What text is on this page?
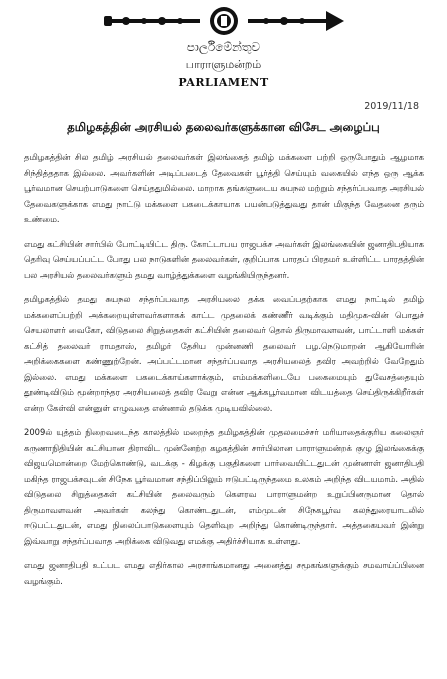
පාර්ලිමේන්තුව
பாராளுமன்றம்
PARLIAMENT
2019/11/18
தமிழகத்தின் அரசியல் தலைவர்களுக்கான விசேட அழைப்பு

தமிழகத்தின் சில தமிழ் அரசியல் தலைவர்கள் இலங்கைத் தமிழ் மக்களை பற்றி ஒருபோதும் ஆழமாக சிந்தித்ததாக இல்லை. அவர்களின் அடிப்படைத் தேவைகள் பூர்த்தி செய்யும் வகையில் எந்த ஒரு ஆக்க பூர்வமான செயற்பாடுகளை செய்ததுமில்லை. மாறாக தங்களுடைய சுயநல மற்றும் சந்தர்ப்பவாத அரசியல் தேவைகளுக்காக எமது நாட்டு மக்களை பகடைக்காயாக பயன்படுத்துவது தான் மிகுந்த வேதனை தரும் உண்மை.

எமது கட்சியின் சார்பில் போட்டியிட்ட திரு. கோட்டாபய ராஜபக்ச அவர்கள் இலங்கையின் ஜனாதிபதியாக தெரிவு செய்யப்பட்ட போது பல நாடுகளின் தலைவர்கள், குறிப்பாக பாரதப் பிரதமர் உள்ளிட்ட பாரதத்தின் பல அரசியல் தலைவர்களும் தமது வாழ்த்துக்களை வழங்கியிருந்தனர்.

தமிழகத்தில் தமது சுயநல சந்தர்ப்பவாத அரசியலை தக்க வைப்பதற்காக எமது நாட்டில் தமிழ் மக்களைப்பற்றி அக்கறையுள்ளவர்களாகக் காட்ட முதலைக் கண்ணீர் வடிக்கும் மதிமுக-வின் பொதுச் செயலாளர் வைகோ, விடுதலை சிறுத்தைகள் கட்சியின் தலைவர் தொல் திருமாவளவன், பாட்டாளி மக்கள் கட்சித் தலைவர் ராமதாஸ், தமிழர் தேசிய முன்னணி தலைவர் பழ.நெடுமாறன் ஆகியோரின் அறிக்கைகளை கண்ணுற்றேன். அப்பட்டமான சந்தர்ப்பவாத அரசியலைத் தவிர அவற்றில் வேறேதும் இல்லை. எமது மக்களை பகடைக்காய்களாக்கும், எம்மக்களிடையே பகைமையும் துவேசத்தையும் தூண்டிவிடும் மூன்றாந்தர அரசியலைத் தவிர வேறு என்ன ஆக்கபூர்வமான விடயத்தை செய்திருக்கிறீர்கள் என்ற கேள்வி என்னுள் எழுவதை என்னால் தடுக்க முடியவில்லை.

2009ல் யுத்தம் நிறைவடைந்த காலத்தில் மறைந்த தமிழகத்தின் முதலமைச்சர் மரியாதைக்குரிய கலைஞர் கருணாநிதியின் கட்சியான திராவிட முன்னேற்ற கழகத்தின் சார்பிலான பாராளுமன்றக் குழு இலங்கைக்கு விஜயமொன்றை மேற்கொண்டு, வடக்கு - கிழக்கு பகுதிகளை பார்வையிட்டதுடன் முன்னாள் ஜனாதிபதி மகிந்த ராஜபக்சவுடன் சிநேக பூர்வமான சந்திப்பிலும் ஈடுபட்டிருந்தமை உலகம் அறிந்த விடயமாம். அதில் விடுதலை சிறுத்தைகள் கட்சியின் தலைவரும் கௌரவ பாராளுமன்ற உறுப்பினருமான தொல் திருமாவளவன் அவர்கள் கலந்து கொண்டதுடன், எம்முடன் சிநேகபூர்வ கலந்துரையாடலில் ஈடுபட்டதுடன், எமது நிலைப்பாடுகளையும் தெளிவுற அறிந்து கொண்டிருந்தார். அத்தகையவர் இன்று இவ்வாறு சந்தர்ப்பவாத அறிக்கை விடுவது எமக்கு அதிர்ச்சியாக உள்ளது.

எமது ஜனாதிபதி உட்பட எமது எதிர்கால அரசாங்கமானது அனைத்து சமூகங்களுக்கும் சமவாய்ப்பினை வழங்கும்.
